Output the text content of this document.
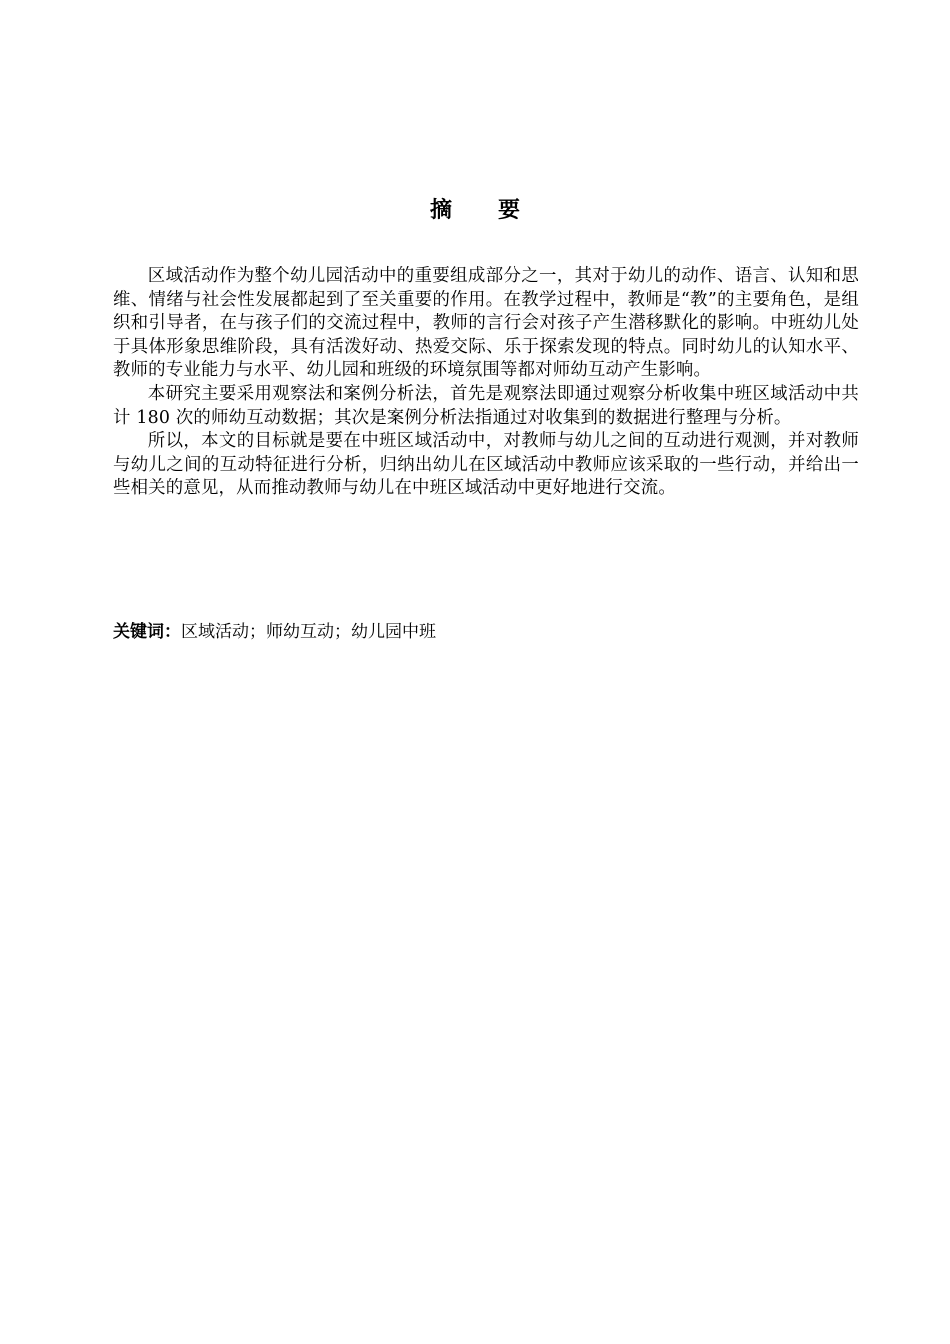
摘 要

区域活动作为整个幼儿园活动中的重要组成部分之一，其对于幼儿的动作、语言、认知和思维、情绪与社会性发展都起到了至关重要的作用。在教学过程中，教师是“教”的主要角色，是组织和引导者，在与孩子们的交流过程中，教师的言行会对孩子产生潜移默化的影响。中班幼儿处于具体形象思维阶段，具有活泼好动、热爱交际、乐于探索发现的特点。同时幼儿的认知水平、教师的专业能力与水平、幼儿园和班级的环境氛围等都对师幼互动产生影响。

本研究主要采用观察法和案例分析法，首先是观察法即通过观察分析收集中班区域活动中共计 180 次的师幼互动数据；其次是案例分析法指通过对收集到的数据进行整理与分析。

所以，本文的目标就是要在中班区域活动中，对教师与幼儿之间的互动进行观测，并对教师与幼儿之间的互动特征进行分析，归纳出幼儿在区域活动中教师应该采取的一些行动，并给出一些相关的意见，从而推动教师与幼儿在中班区域活动中更好地进行交流。

关键词：区域活动；师幼互动；幼儿园中班
